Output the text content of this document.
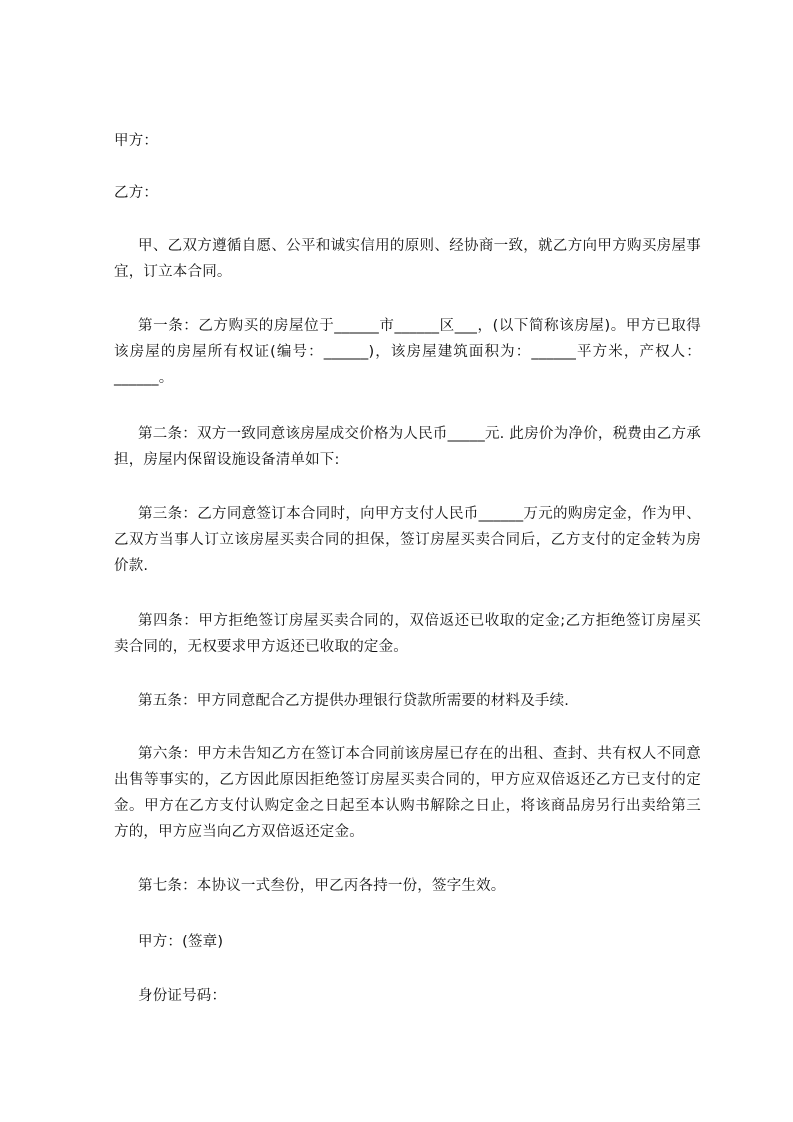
甲方：

乙方：

甲、乙双方遵循自愿、公平和诚实信用的原则、经协商一致，就乙方向甲方购买房屋事宜，订立本合同。

第一条：乙方购买的房屋位于______市______区___，(以下简称该房屋)。甲方已取得该房屋的房屋所有权证(编号：______)，该房屋建筑面积为：______平方米，产权人：______。

第二条：双方一致同意该房屋成交价格为人民币_____元. 此房价为净价，税费由乙方承担，房屋内保留设施设备清单如下:

第三条：乙方同意签订本合同时，向甲方支付人民币______万元的购房定金，作为甲、乙双方当事人订立该房屋买卖合同的担保，签订房屋买卖合同后，乙方支付的定金转为房价款.

第四条：甲方拒绝签订房屋买卖合同的，双倍返还已收取的定金;乙方拒绝签订房屋买卖合同的，无权要求甲方返还已收取的定金。

第五条：甲方同意配合乙方提供办理银行贷款所需要的材料及手续.

第六条：甲方未告知乙方在签订本合同前该房屋已存在的出租、查封、共有权人不同意出售等事实的，乙方因此原因拒绝签订房屋买卖合同的，甲方应双倍返还乙方已支付的定金。甲方在乙方支付认购定金之日起至本认购书解除之日止，将该商品房另行出卖给第三方的，甲方应当向乙方双倍返还定金。

第七条：本协议一式叁份，甲乙丙各持一份，签字生效。

甲方：(签章)

身份证号码：
